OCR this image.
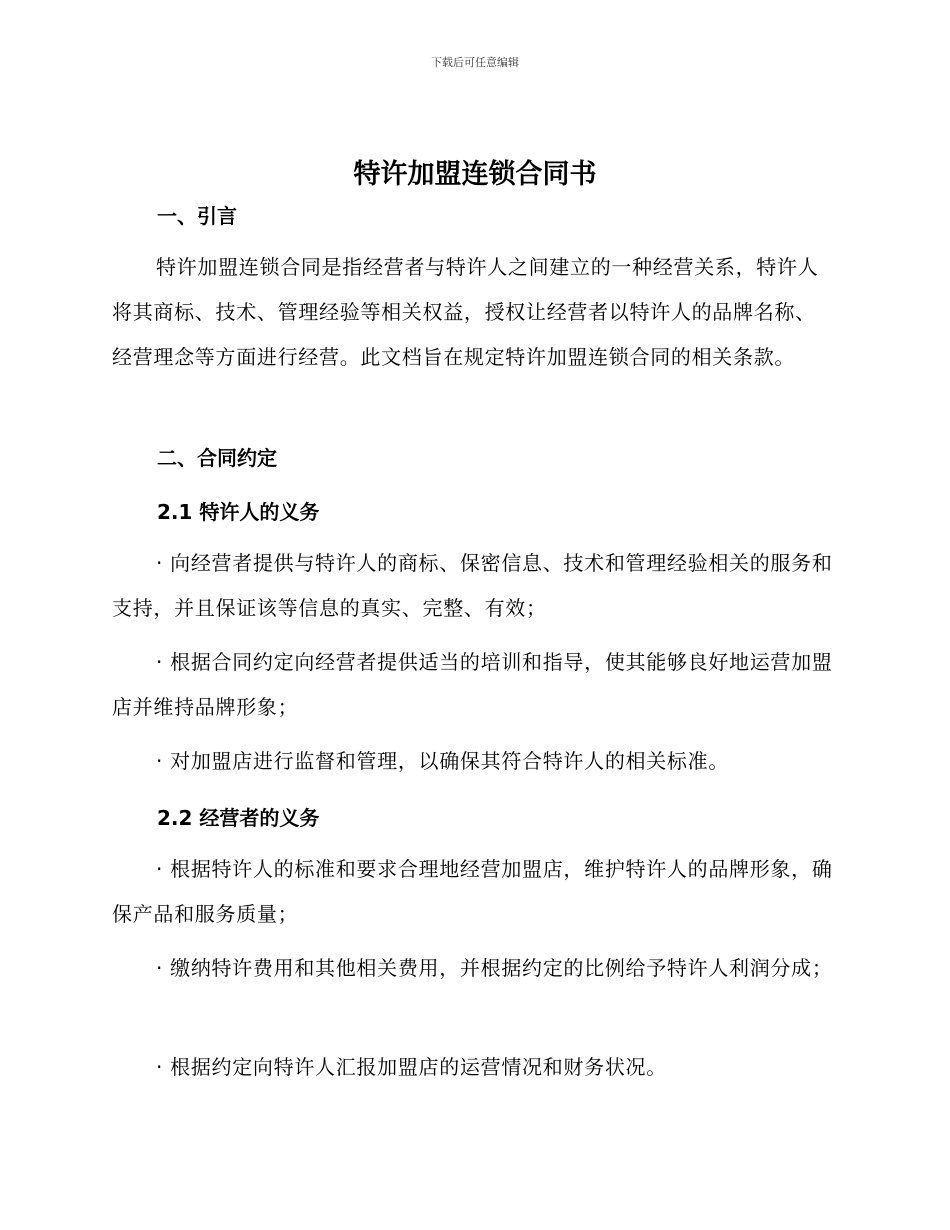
下载后可任意编辑
特许加盟连锁合同书
一、引言
特许加盟连锁合同是指经营者与特许人之间建立的一种经营关系，特许人将其商标、技术、管理经验等相关权益，授权让经营者以特许人的品牌名称、经营理念等方面进行经营。此文档旨在规定特许加盟连锁合同的相关条款。
二、合同约定
2.1 特许人的义务
· 向经营者提供与特许人的商标、保密信息、技术和管理经验相关的服务和支持，并且保证该等信息的真实、完整、有效；
· 根据合同约定向经营者提供适当的培训和指导，使其能够良好地运营加盟店并维持品牌形象；
· 对加盟店进行监督和管理，以确保其符合特许人的相关标准。
2.2 经营者的义务
· 根据特许人的标准和要求合理地经营加盟店，维护特许人的品牌形象，确保产品和服务质量；
· 缴纳特许费用和其他相关费用，并根据约定的比例给予特许人利润分成；
· 根据约定向特许人汇报加盟店的运营情况和财务状况。
